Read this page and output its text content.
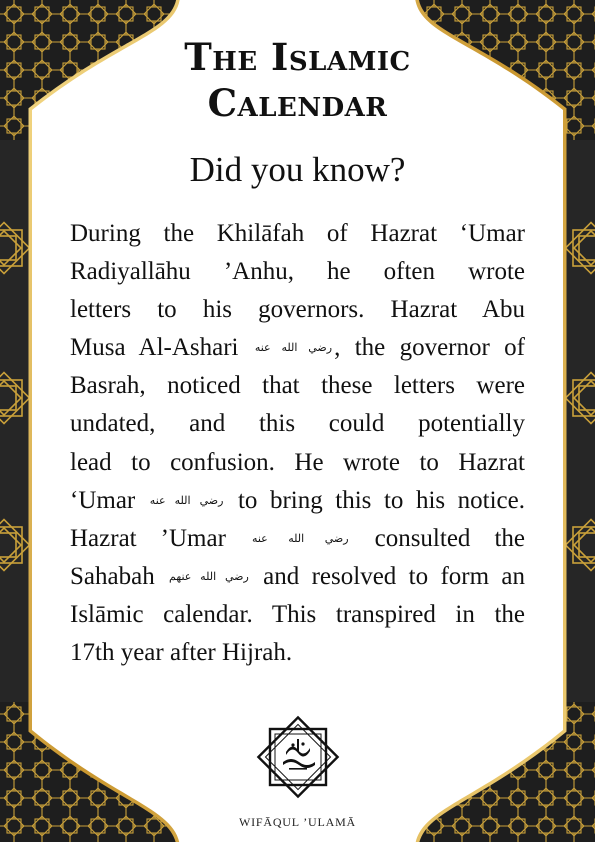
The Islamic
Calendar
Did you know?
During the Khilāfah of Hazrat ‘Umar
Radiyallāhu ’Anhu, he often wrote
letters to his governors. Hazrat Abu
Musa Al-Ashari رضي الله عنه, the governor of
Basrah, noticed that these letters were
undated, and this could potentially
lead to confusion. He wrote to Hazrat
‘Umar رضي الله عنه to bring this to his notice.
Hazrat ’Umar رضي الله عنه consulted the
Sahabah رضي الله عنهم and resolved to form an
Islāmic calendar. This transpired in the
17th year after Hijrah.
WIFĀQUL ’ULAMĀ
